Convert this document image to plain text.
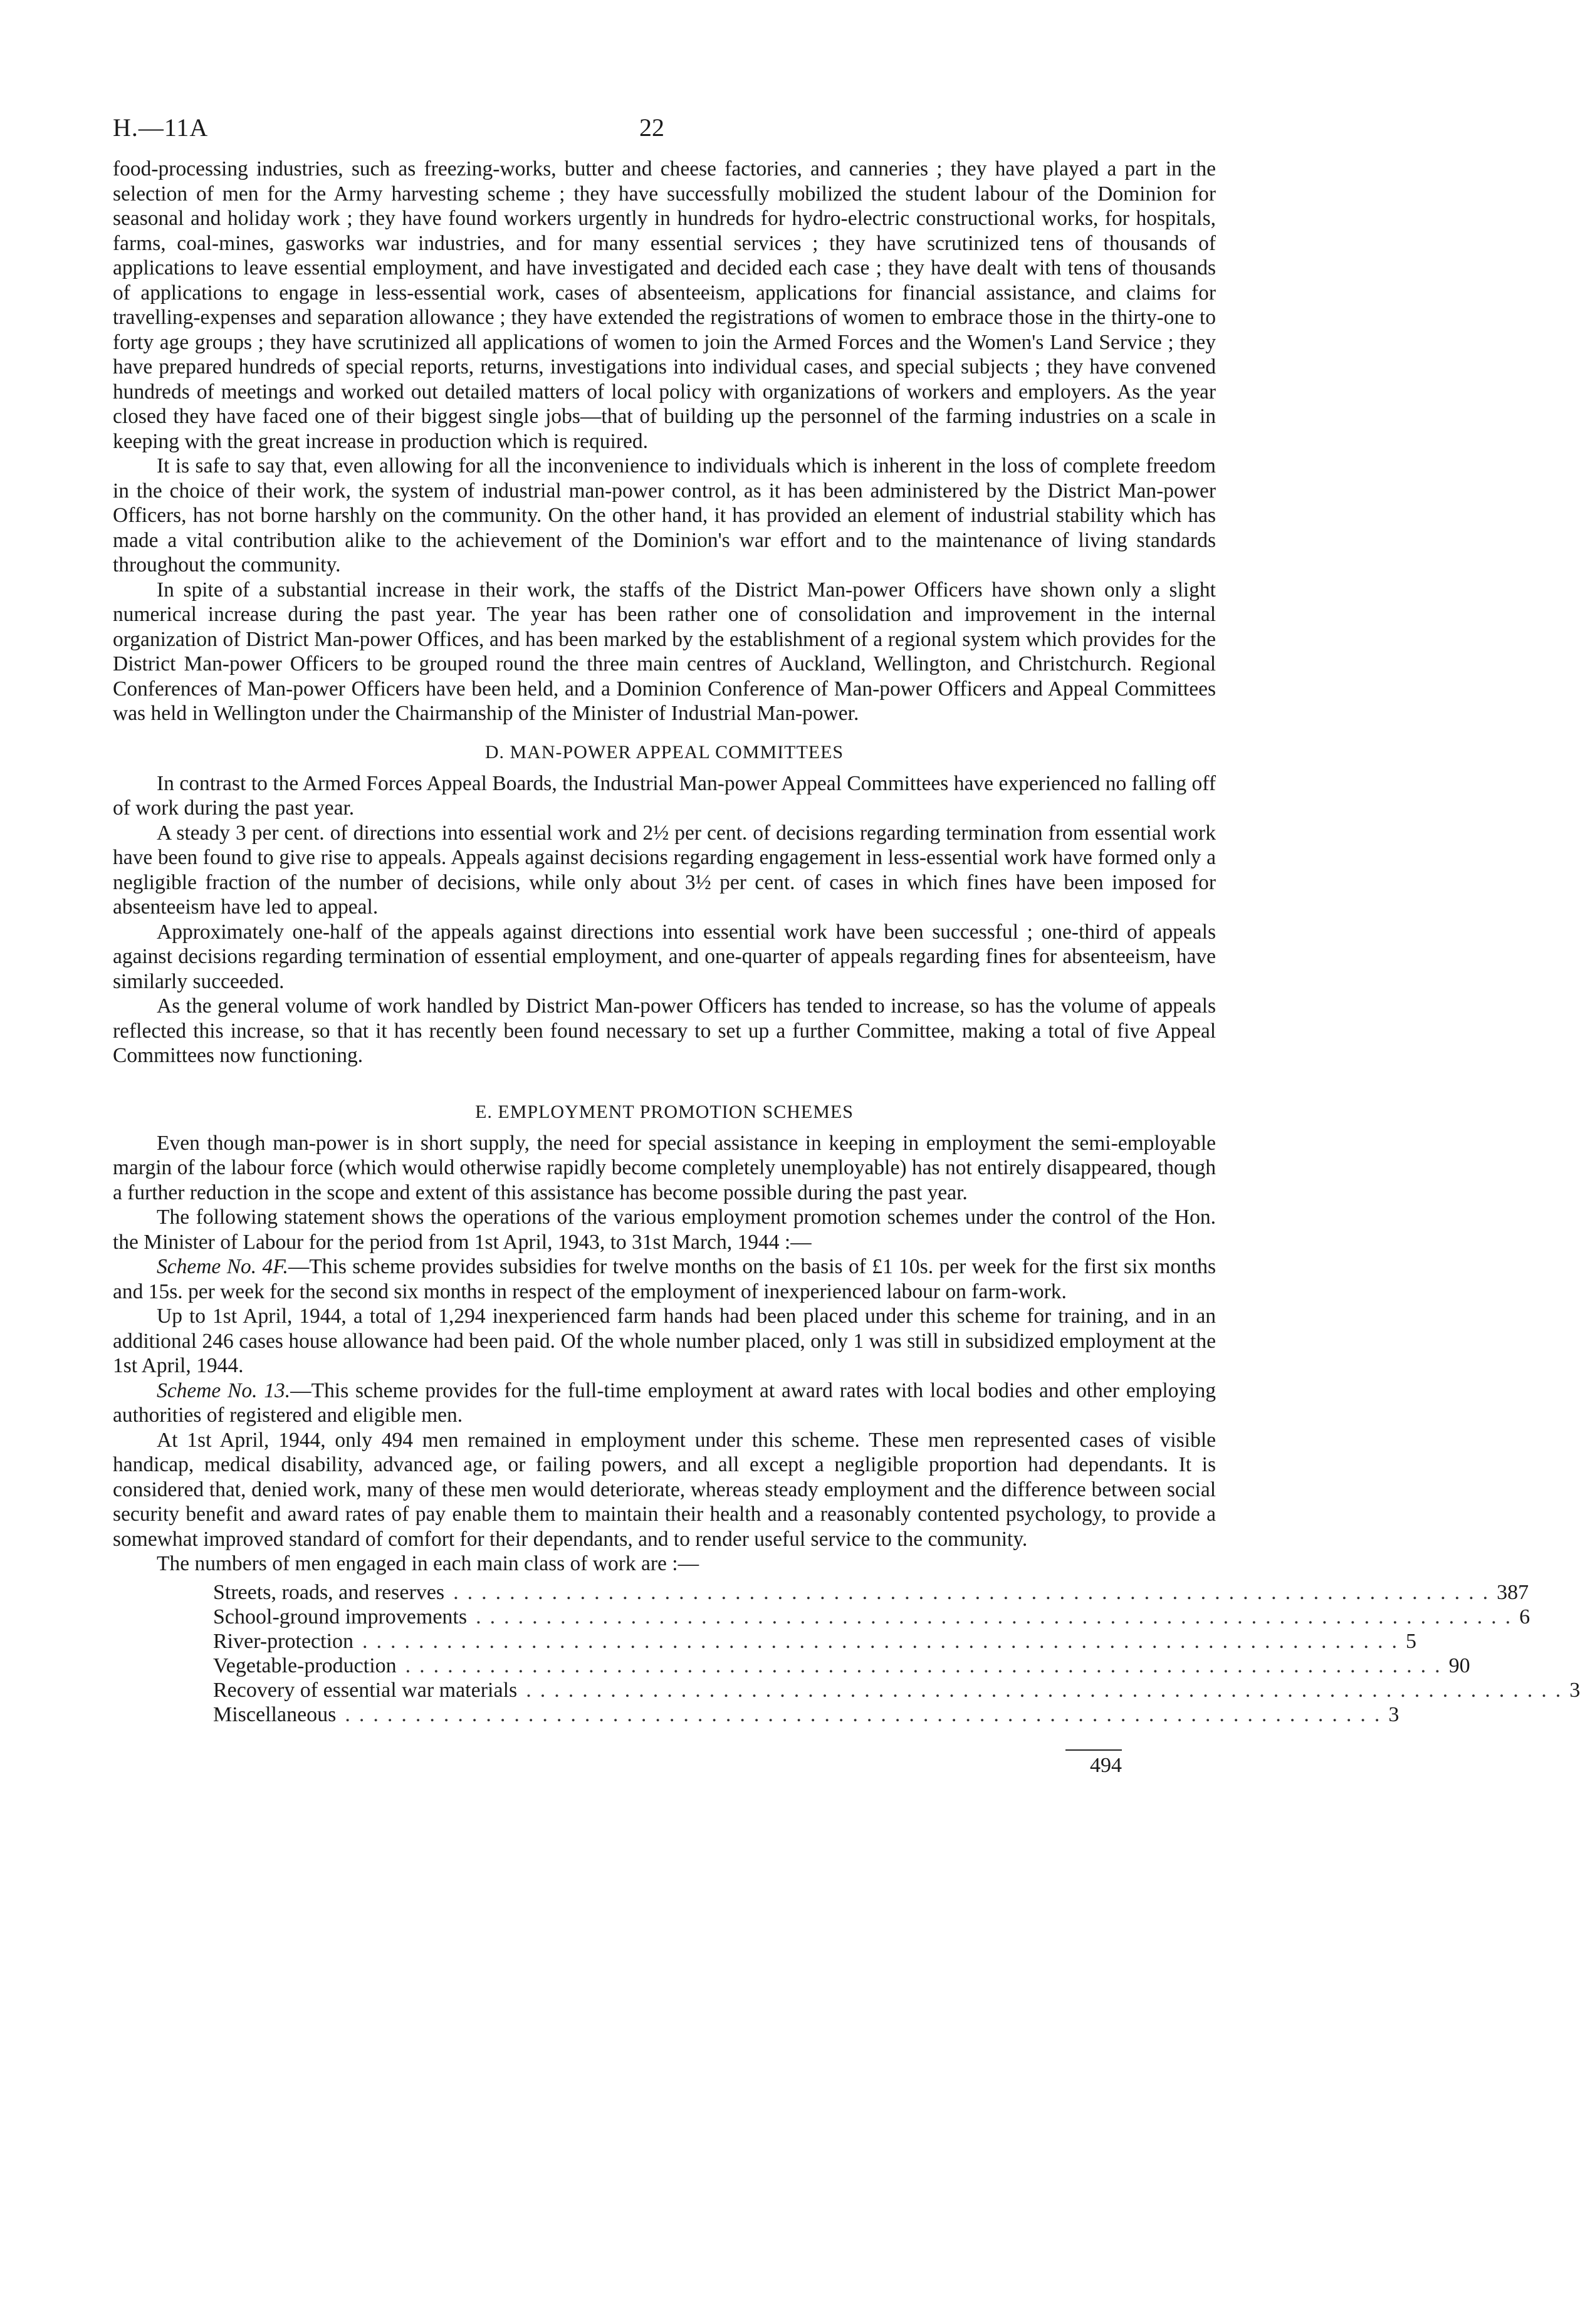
H.—11A	22

food-processing industries, such as freezing-works, butter and cheese factories, and canneries ; they have played a part in the selection of men for the Army harvesting scheme ; they have successfully mobilized the student labour of the Dominion for seasonal and holiday work ; they have found workers urgently in hundreds for hydro-electric constructional works, for hospitals, farms, coal-mines, gasworks war industries, and for many essential services ; they have scrutinized tens of thousands of applications to leave essential employment, and have investigated and decided each case ; they have dealt with tens of thousands of applications to engage in less-essential work, cases of absenteeism, applications for financial assistance, and claims for travelling-expenses and separation allowance ; they have extended the registrations of women to embrace those in the thirty-one to forty age groups ; they have scrutinized all applications of women to join the Armed Forces and the Women's Land Service ; they have prepared hundreds of special reports, returns, investigations into individual cases, and special subjects ; they have convened hundreds of meetings and worked out detailed matters of local policy with organizations of workers and employers. As the year closed they have faced one of their biggest single jobs—that of building up the personnel of the farming industries on a scale in keeping with the great increase in production which is required.

It is safe to say that, even allowing for all the inconvenience to individuals which is inherent in the loss of complete freedom in the choice of their work, the system of industrial man-power control, as it has been administered by the District Man-power Officers, has not borne harshly on the community. On the other hand, it has provided an element of industrial stability which has made a vital contribution alike to the achievement of the Dominion's war effort and to the maintenance of living standards throughout the community.

In spite of a substantial increase in their work, the staffs of the District Man-power Officers have shown only a slight numerical increase during the past year. The year has been rather one of consolidation and improvement in the internal organization of District Man-power Offices, and has been marked by the establishment of a regional system which provides for the District Man-power Officers to be grouped round the three main centres of Auckland, Wellington, and Christchurch. Regional Conferences of Man-power Officers have been held, and a Dominion Conference of Man-power Officers and Appeal Committees was held in Wellington under the Chairmanship of the Minister of Industrial Man-power.

D. MAN-POWER APPEAL COMMITTEES

In contrast to the Armed Forces Appeal Boards, the Industrial Man-power Appeal Committees have experienced no falling off of work during the past year.

A steady 3 per cent. of directions into essential work and 2½ per cent. of decisions regarding termination from essential work have been found to give rise to appeals. Appeals against decisions regarding engagement in less-essential work have formed only a negligible fraction of the number of decisions, while only about 3½ per cent. of cases in which fines have been imposed for absenteeism have led to appeal.

Approximately one-half of the appeals against directions into essential work have been successful ; one-third of appeals against decisions regarding termination of essential employment, and one-quarter of appeals regarding fines for absenteeism, have similarly succeeded.

As the general volume of work handled by District Man-power Officers has tended to increase, so has the volume of appeals reflected this increase, so that it has recently been found necessary to set up a further Committee, making a total of five Appeal Committees now functioning.

E. EMPLOYMENT PROMOTION SCHEMES

Even though man-power is in short supply, the need for special assistance in keeping in employment the semi-employable margin of the labour force (which would otherwise rapidly become completely unemployable) has not entirely disappeared, though a further reduction in the scope and extent of this assistance has become possible during the past year.

The following statement shows the operations of the various employment promotion schemes under the control of the Hon. the Minister of Labour for the period from 1st April, 1943, to 31st March, 1944 :—

Scheme No. 4F.—This scheme provides subsidies for twelve months on the basis of £1 10s. per week for the first six months and 15s. per week for the second six months in respect of the employment of inexperienced labour on farm-work.

Up to 1st April, 1944, a total of 1,294 inexperienced farm hands had been placed under this scheme for training, and in an additional 246 cases house allowance had been paid. Of the whole number placed, only 1 was still in subsidized employment at the 1st April, 1944.

Scheme No. 13.—This scheme provides for the full-time employment at award rates with local bodies and other employing authorities of registered and eligible men.

At 1st April, 1944, only 494 men remained in employment under this scheme. These men represented cases of visible handicap, medical disability, advanced age, or failing powers, and all except a negligible proportion had dependants. It is considered that, denied work, many of these men would deteriorate, whereas steady employment and the difference between social security benefit and award rates of pay enable them to maintain their health and a reasonably contented psychology, to provide a somewhat improved standard of comfort for their dependants, and to render useful service to the community.

The numbers of men engaged in each main class of work are :—

Streets, roads, and reserves .......................................................................... 387
School-ground improvements .......................................................................... 6
River-protection .......................................................................... 5
Vegetable-production .......................................................................... 90
Recovery of essential war materials .......................................................................... 3
Miscellaneous .......................................................................... 3
494
